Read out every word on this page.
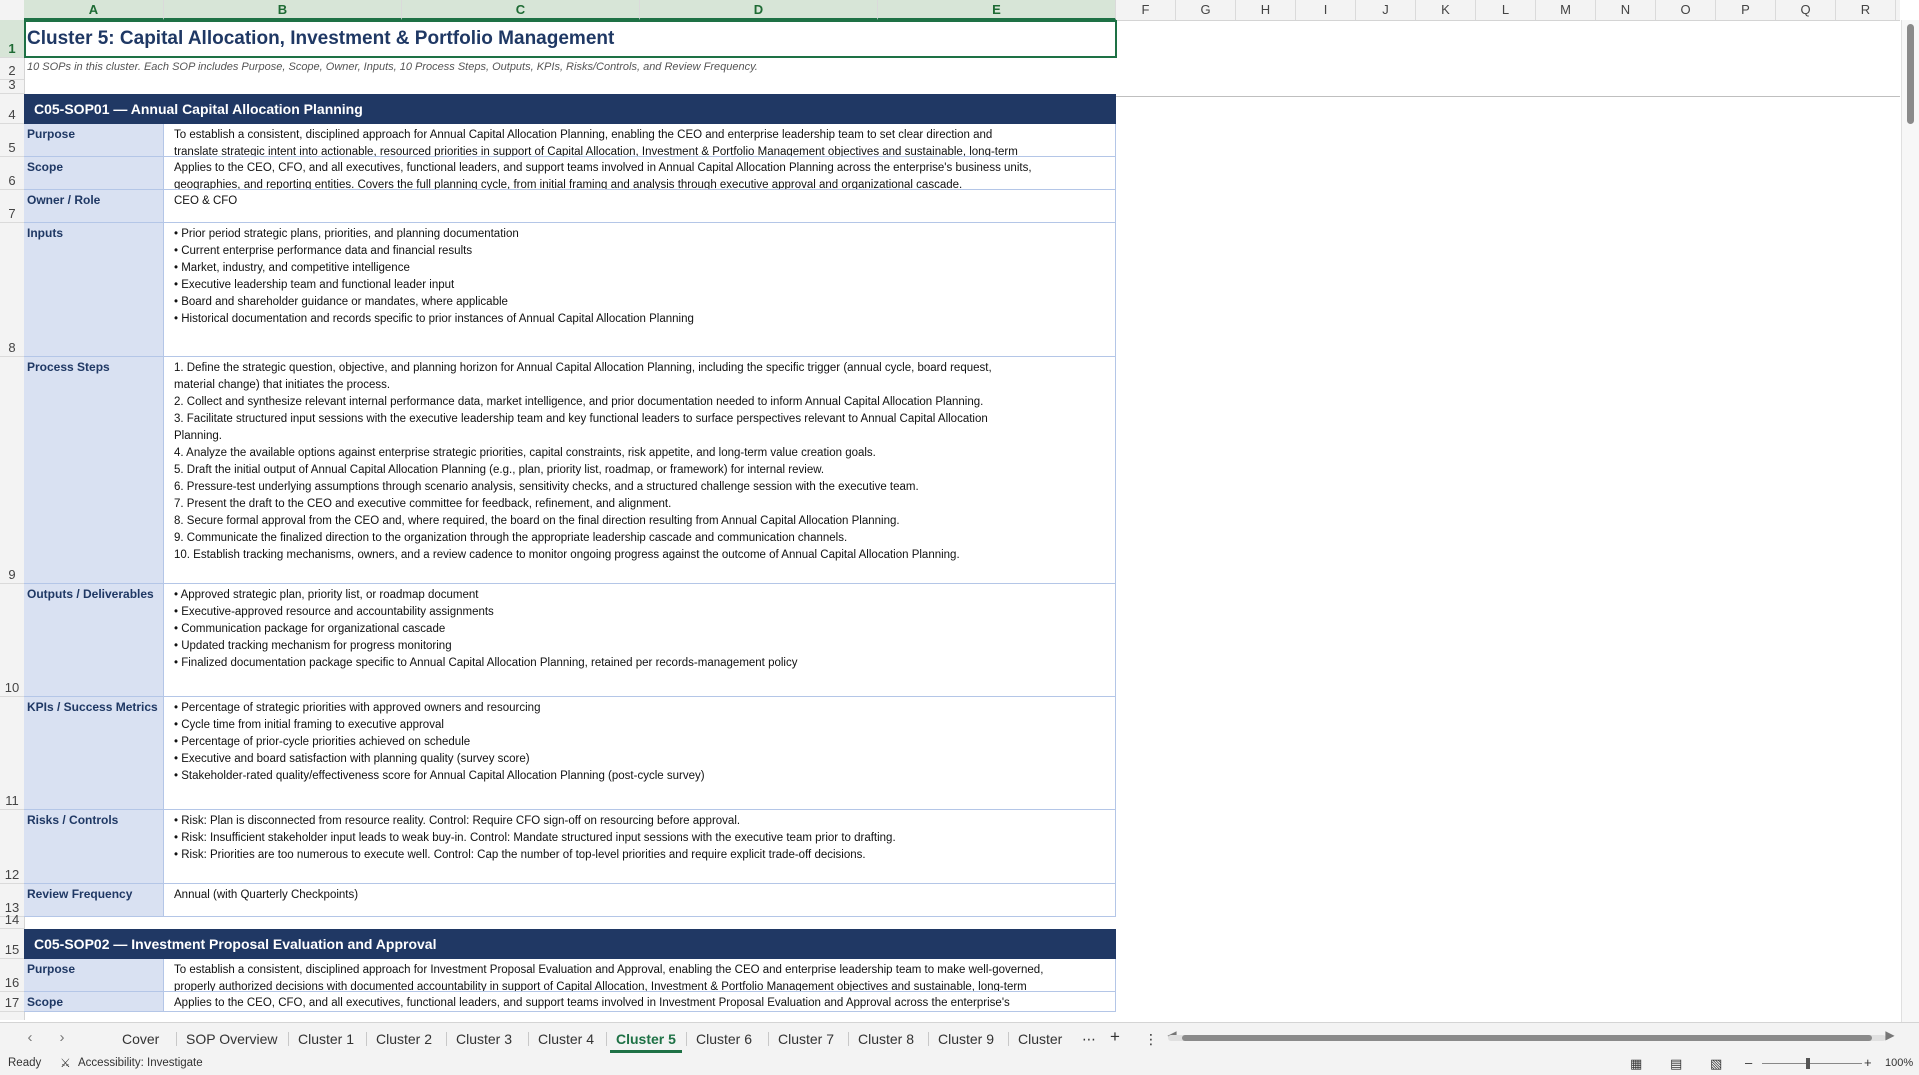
A	B	C	D	E	F	G	H	I	J	K	L	M	N	O	P	Q	R
1
2
3
4
5
6
7
8
9
10
11
12
13
14
15
16
17
Cluster 5: Capital Allocation, Investment & Portfolio Management
10 SOPs in this cluster. Each SOP includes Purpose, Scope, Owner, Inputs, 10 Process Steps, Outputs, KPIs, Risks/Controls, and Review Frequency.
C05-SOP01 — Annual Capital Allocation Planning
Purpose	To establish a consistent, disciplined approach for Annual Capital Allocation Planning, enabling the CEO and enterprise leadership team to set clear direction and
translate strategic intent into actionable, resourced priorities in support of Capital Allocation, Investment & Portfolio Management objectives and sustainable, long-term
Scope	Applies to the CEO, CFO, and all executives, functional leaders, and support teams involved in Annual Capital Allocation Planning across the enterprise's business units,
geographies, and reporting entities. Covers the full planning cycle, from initial framing and analysis through executive approval and organizational cascade.
Owner / Role	CEO & CFO
Inputs	• Prior period strategic plans, priorities, and planning documentation
• Current enterprise performance data and financial results
• Market, industry, and competitive intelligence
• Executive leadership team and functional leader input
• Board and shareholder guidance or mandates, where applicable
• Historical documentation and records specific to prior instances of Annual Capital Allocation Planning
Process Steps	1. Define the strategic question, objective, and planning horizon for Annual Capital Allocation Planning, including the specific trigger (annual cycle, board request,
material change) that initiates the process.
2. Collect and synthesize relevant internal performance data, market intelligence, and prior documentation needed to inform Annual Capital Allocation Planning.
3. Facilitate structured input sessions with the executive leadership team and key functional leaders to surface perspectives relevant to Annual Capital Allocation
Planning.
4. Analyze the available options against enterprise strategic priorities, capital constraints, risk appetite, and long-term value creation goals.
5. Draft the initial output of Annual Capital Allocation Planning (e.g., plan, priority list, roadmap, or framework) for internal review.
6. Pressure-test underlying assumptions through scenario analysis, sensitivity checks, and a structured challenge session with the executive team.
7. Present the draft to the CEO and executive committee for feedback, refinement, and alignment.
8. Secure formal approval from the CEO and, where required, the board on the final direction resulting from Annual Capital Allocation Planning.
9. Communicate the finalized direction to the organization through the appropriate leadership cascade and communication channels.
10. Establish tracking mechanisms, owners, and a review cadence to monitor ongoing progress against the outcome of Annual Capital Allocation Planning.
Outputs / Deliverables	• Approved strategic plan, priority list, or roadmap document
• Executive-approved resource and accountability assignments
• Communication package for organizational cascade
• Updated tracking mechanism for progress monitoring
• Finalized documentation package specific to Annual Capital Allocation Planning, retained per records-management policy
KPIs / Success Metrics	• Percentage of strategic priorities with approved owners and resourcing
• Cycle time from initial framing to executive approval
• Percentage of prior-cycle priorities achieved on schedule
• Executive and board satisfaction with planning quality (survey score)
• Stakeholder-rated quality/effectiveness score for Annual Capital Allocation Planning (post-cycle survey)
Risks / Controls	• Risk: Plan is disconnected from resource reality. Control: Require CFO sign-off on resourcing before approval.
• Risk: Insufficient stakeholder input leads to weak buy-in. Control: Mandate structured input sessions with the executive team prior to drafting.
• Risk: Priorities are too numerous to execute well. Control: Cap the number of top-level priorities and require explicit trade-off decisions.
Review Frequency	Annual (with Quarterly Checkpoints)
C05-SOP02 — Investment Proposal Evaluation and Approval
Purpose	To establish a consistent, disciplined approach for Investment Proposal Evaluation and Approval, enabling the CEO and enterprise leadership team to make well-governed,
properly authorized decisions with documented accountability in support of Capital Allocation, Investment & Portfolio Management objectives and sustainable, long-term
Scope	Applies to the CEO, CFO, and all executives, functional leaders, and support teams involved in Investment Proposal Evaluation and Approval across the enterprise's
‹	›	Cover	SOP Overview	Cluster 1	Cluster 2	Cluster 3	Cluster 4	Cluster 5	Cluster 6	Cluster 7	Cluster 8	Cluster 9	Cluster	⋯ +	⋮	▶
Ready ⚔ Accessibility: Investigate	▦ ▤ ▧ –	+ 100%
